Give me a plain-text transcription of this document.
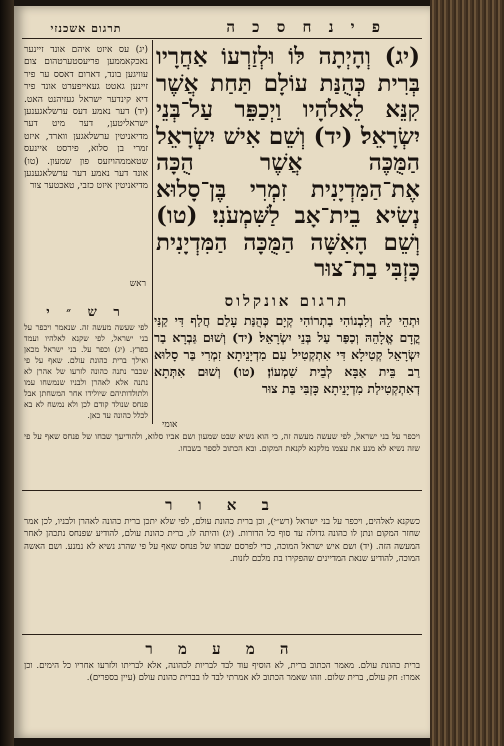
פ י נ ח ס כ ה
תרגום אשכנזי
(יג) וְהָיְתָה לּוֹ וּלְזַרְעוֹ אַחֲרָיו בְּרִית כְּהֻנַּת עוֹלָם תַּחַת אֲשֶׁר קִנֵּא לֵאלֹהָיו וַיְכַפֵּר עַל־בְּנֵי יִשְׂרָאֵל׃ (יד) וְשֵׁם אִישׁ יִשְׂרָאֵל הַמֻּכֶּה אֲשֶׁר הֻכָּה אֶת־הַמִּדְיָנִית זִמְרִי בֶּן־סָלוּא נְשִׂיא בֵית־אָב לַשִּׁמְעֹנִי׃ (טו) וְשֵׁם הָאִשָּׁה הַמֻּכָּה הַמִּדְיָנִית כָּזְבִּי בַת־צוּר
(יג) עס איזט איהם אונד זיינער נאכקאממען פריעסטערטהום צום עוויגען בונד, דארום דאסס ער פיר זיינען גאטט געאייפערט אונד פיר דיא קינדער ישראל געזיהנט האט. (יד) דער נאמע דעס ערשלאגענען ישראליטען, דער מיט דער מדיאניטין ערשלאגען ווארד, איזט זמרי בן סלוא, פירסט איינעס שטאממהויזעס פון שמעון. (טו) אונד דער נאמע דער ערשלאגענען מדיאניטין איזט כזבי, טאכטער צור
ראש
ר ש ״ י
לפי שעשה מעשה זה. שנאמר ויכפר על בני ישראל, לפי שקנא לאלהיו ועמד בפרץ. (יג) וכפר על. בני ישראל מכאן ואילך ברית כהונת עולם. שאף על פי שכבר נתנה כהונה לזרעו של אהרן לא נתנה אלא לאהרן ולבניו שנמשחו עמו ולתולדותיהם שיולידו אחר המשחתן אבל פנחס שנולד קודם לכן ולא נמשח לא בא לכלל כהונה עד כאן.
תרגום אונקלוס
וּתְהֵי לֵהּ וְלִבְנוֹהִי בַתְרוֹהִי קְיָם כְּהֻנַּת עָלַם חֲלַף דִּי קַנִּי קֳדָם אֱלָהֵהּ וְכַפַּר עַל בְּנֵי יִשְׂרָאֵל׃ (יד) וְשׁוּם גַּבְרָא בַר יִשְׂרָאֵל קְטִילָא דִּי אִתְקְטִיל עִם מִדְיָנֵיתָא זִמְרִי בַּר סָלוּא רַב בֵּית אַבָּא לְבֵית שִׁמְעוֹן׃ (טו) וְשׁוּם אִתְּתָא דְאִתְקְטִילַת מִדְיָנֵיתָא כָּזְבִּי בַּת צוּר
אומי
ויכפר על בני ישראל, לפי שעשה מעשה זה, כי הוא נשיא שבט שמעון ושם אביו סלוא, ולהודיעך שבחו של פנחס שאף על פי שזה נשיא לא מנע את עצמו מלקנא לקנאת המקום. ובא הכתוב לספר בשבחו.
ב א ו ר
כשקנא לאלהים, ויכפר על בני ישראל (רש״י), וכן ברית כהונת עולם, לפי שלא יתכן ברית כהונה לאהרן ולבניו, לכן אמר שחזר המקום ונתן לו כהונה גדולה עד סוף כל הדורות. (יג) והיתה לו, ברית כהונת עולם, להודיע שפנחס נתכהן לאחר המעשה הזה. (יד) ושם איש ישראל המוכה, כדי לפרסם שבחו של פנחס שאף על פי שהרג נשיא לא נמנע. ושם האשה המוכה, להודיע שנאת המדיינים שהפקירו בת מלכם לזנות.
ה מ ע מ ר
ברית כהונת עולם. מאמר הכתוב ברית, לא הוסיף עוד לבד לבריות לכהונה, אלא לבריתו ולזרעו אחריו כל הימים. וכן אמרו: חק עולם, ברית שלום. וזהו שאמר הכתוב לא אמרתי לבד לו בברית כהונת עולם (עיין בספרים).
